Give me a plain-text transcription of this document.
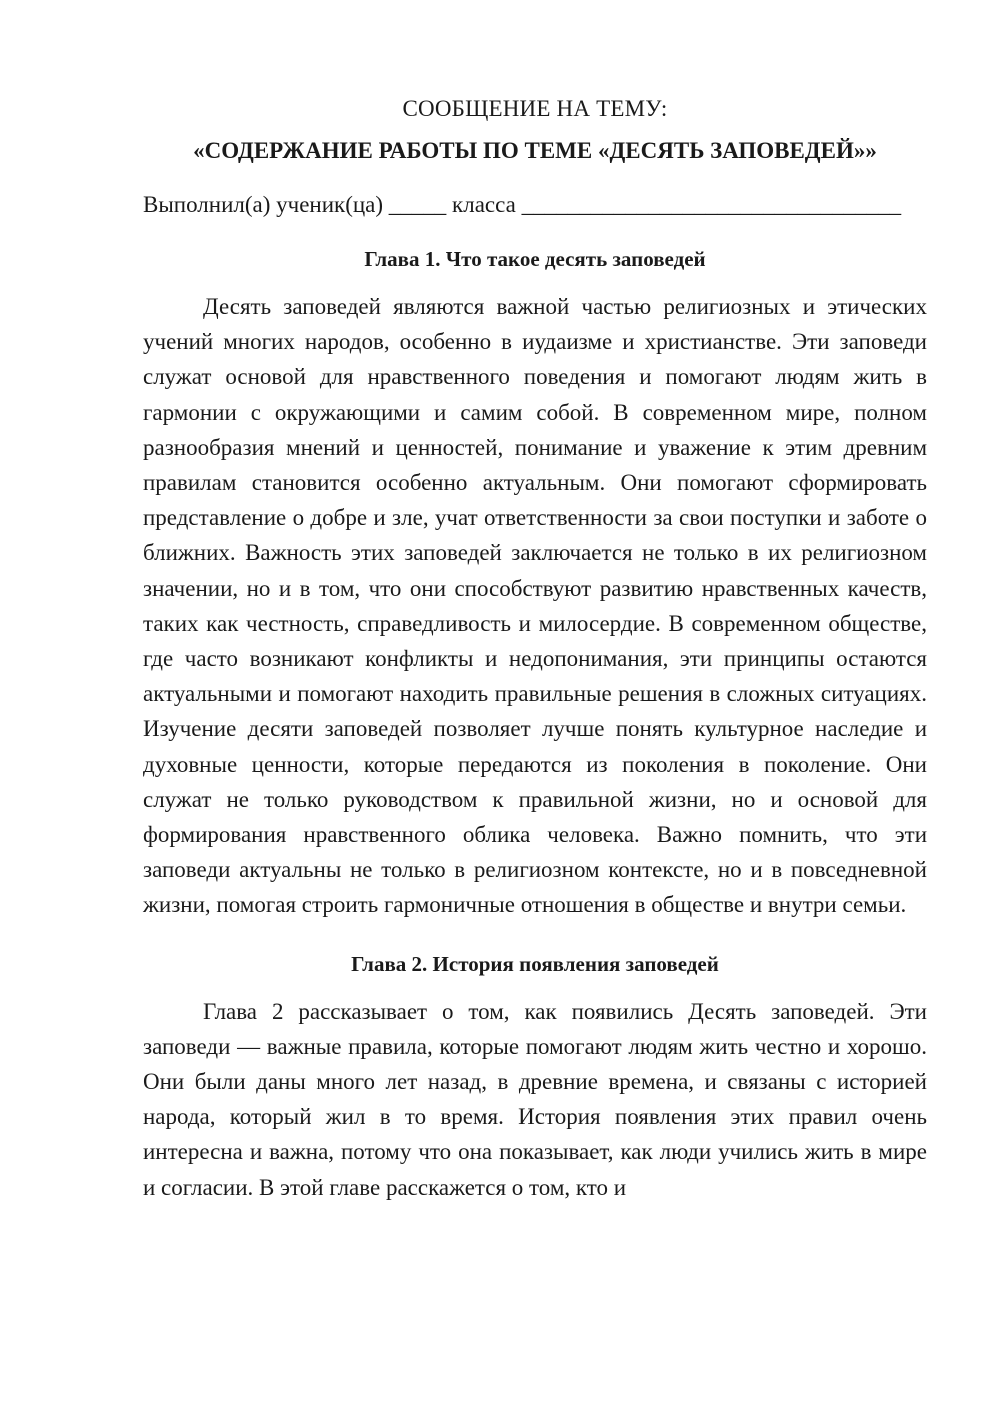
СООБЩЕНИЕ НА ТЕМУ:
«СОДЕРЖАНИЕ РАБОТЫ ПО ТЕМЕ «ДЕСЯТЬ ЗАПОВЕДЕЙ»»

Выполнил(а) ученик(ца) _____ класса _________________________________

Глава 1. Что такое десять заповедей

Десять заповедей являются важной частью религиозных и этических учений многих народов, особенно в иудаизме и христианстве. Эти заповеди служат основой для нравственного поведения и помогают людям жить в гармонии с окружающими и самим собой. В современном мире, полном разнообразия мнений и ценностей, понимание и уважение к этим древним правилам становится особенно актуальным. Они помогают сформировать представление о добре и зле, учат ответственности за свои поступки и заботе о ближних. Важность этих заповедей заключается не только в их религиозном значении, но и в том, что они способствуют развитию нравственных качеств, таких как честность, справедливость и милосердие. В современном обществе, где часто возникают конфликты и недопонимания, эти принципы остаются актуальными и помогают находить правильные решения в сложных ситуациях. Изучение десяти заповедей позволяет лучше понять культурное наследие и духовные ценности, которые передаются из поколения в поколение. Они служат не только руководством к правильной жизни, но и основой для формирования нравственного облика человека. Важно помнить, что эти заповеди актуальны не только в религиозном контексте, но и в повседневной жизни, помогая строить гармоничные отношения в обществе и внутри семьи.

Глава 2. История появления заповедей

Глава 2 рассказывает о том, как появились Десять заповедей. Эти заповеди — важные правила, которые помогают людям жить честно и хорошо. Они были даны много лет назад, в древние времена, и связаны с историей народа, который жил в то время. История появления этих правил очень интересна и важна, потому что она показывает, как люди учились жить в мире и согласии. В этой главе расскажется о том, кто и
